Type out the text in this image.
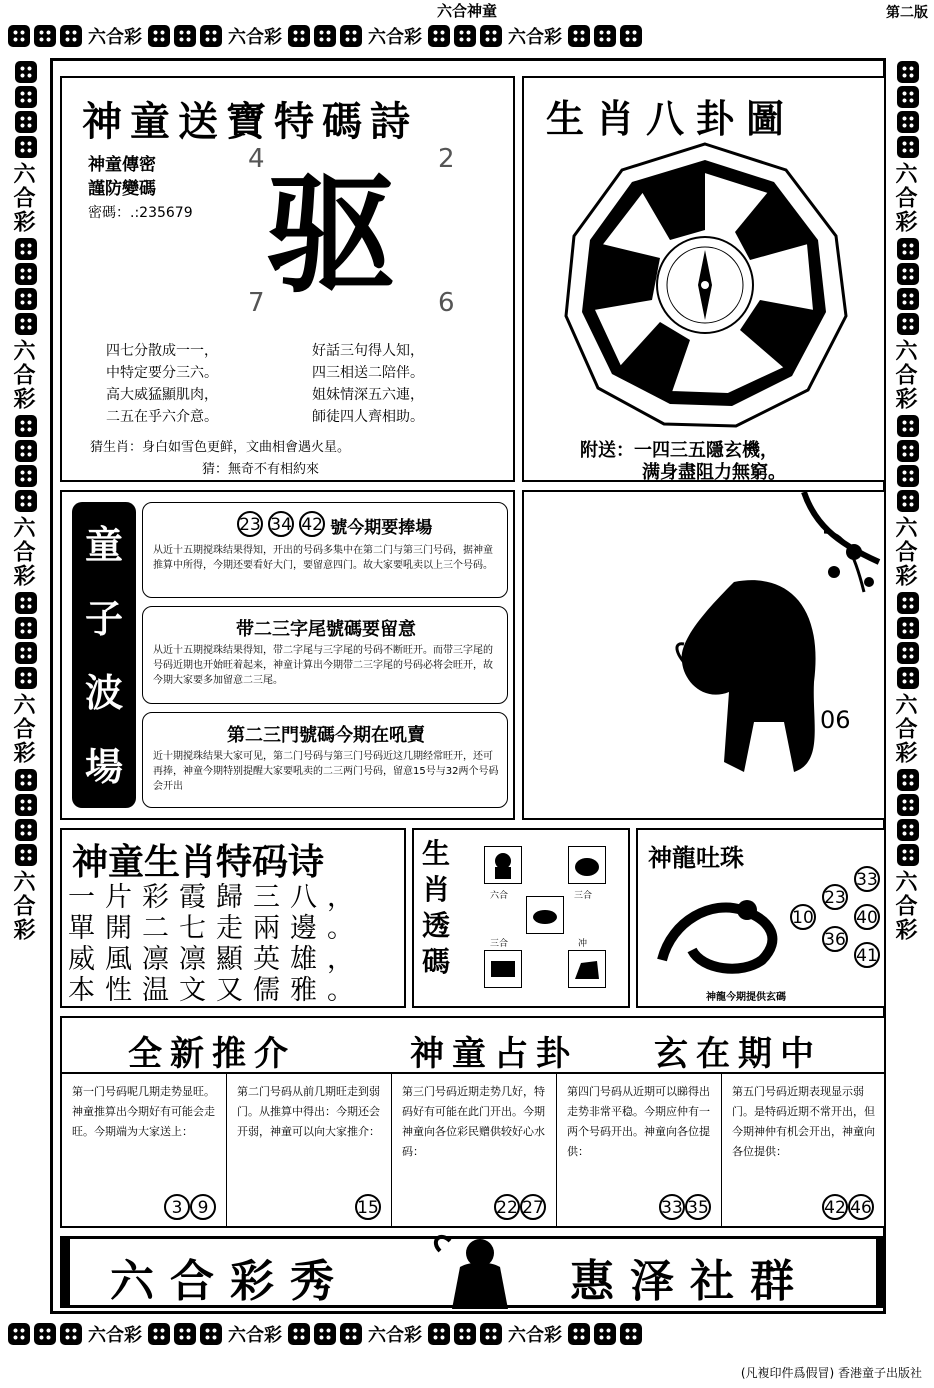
六合神童	第二版
六合彩	六合彩	六合彩	六合彩
六合彩	六合彩	六合彩	六合彩
六合彩
六合彩
六合彩
六合彩
六合彩
六合彩
六合彩
六合彩
六合彩
六合彩
神童送寶特碼詩
神童傳密
謹防變碼
密碼：.:235679
4	2
7	6
驱
四七分散成一一，
中特定要分三六。
高大威猛顯肌肉，
二五在乎六介意。
好話三句得人知，
四三相送二陪伴。
姐妹情深五六連，
師徒四人齊相助。
猜生肖：身白如雪色更鲜，文曲相會遇火星。
猜：無奇不有相約來
生肖八卦圖
附送：一四三五隱玄機，
满身盡阻力無窮。
童
子
波
場
23 34 42 號今期要捧場
从近十五期搅珠结果得知，开出的号码多集中在第二门与第三门号码，据神童推算中所得，今期还要看好大门，要留意四门。故大家要吼卖以上三个号码。
带二三字尾號碼要留意
从近十五期搅珠结果得知，带二字尾与三字尾的号码不断旺开。而带三字尾的号码近期也开始旺着起来，神童计算出今期带二三字尾的号码必将会旺开，故今期大家要多加留意二三尾。
第二三門號碼今期在吼賣
近十期搅珠结果大家可见，第二门号码与第三门号码近这几期经常旺开，还可再捧，神童今期特别提醒大家要吼卖的二三两门号码，留意15号与32两个号码会开出
06
神童生肖特码诗
一片彩霞歸三八，
單開二七走兩邊。
威風凛凛顯英雄，
本性温文又儒雅。
生
肖
透
碼
六合	三合
三合	冲
神龍吐珠
33
23
40
10
36
41
神龍今期提供玄碼
全新推介	神童占卦 玄在期中
第一门号码呢几期走势显旺。神童推算出今期好有可能会走旺。今期端为大家送上：
3 9
第二门号码从前几期旺走到弱门。从推算中得出：今期还会开弱，神童可以向大家推介：
15
第三门号码近期走势几好，特码好有可能在此门开出。今期神童向各位彩民赠供较好心水码：
22 27
第四门号码从近期可以睇得出走势非常平稳。今期应仲有一两个号码开出。神童向各位提供：
33 35
第五门号码近期表现显示弱门。是特码近期不常开出，但今期神仲有机会开出，神童向各位提供：
42 46
六合彩秀	惠泽社群
(凡複印件爲假冒) 香港童子出版社
